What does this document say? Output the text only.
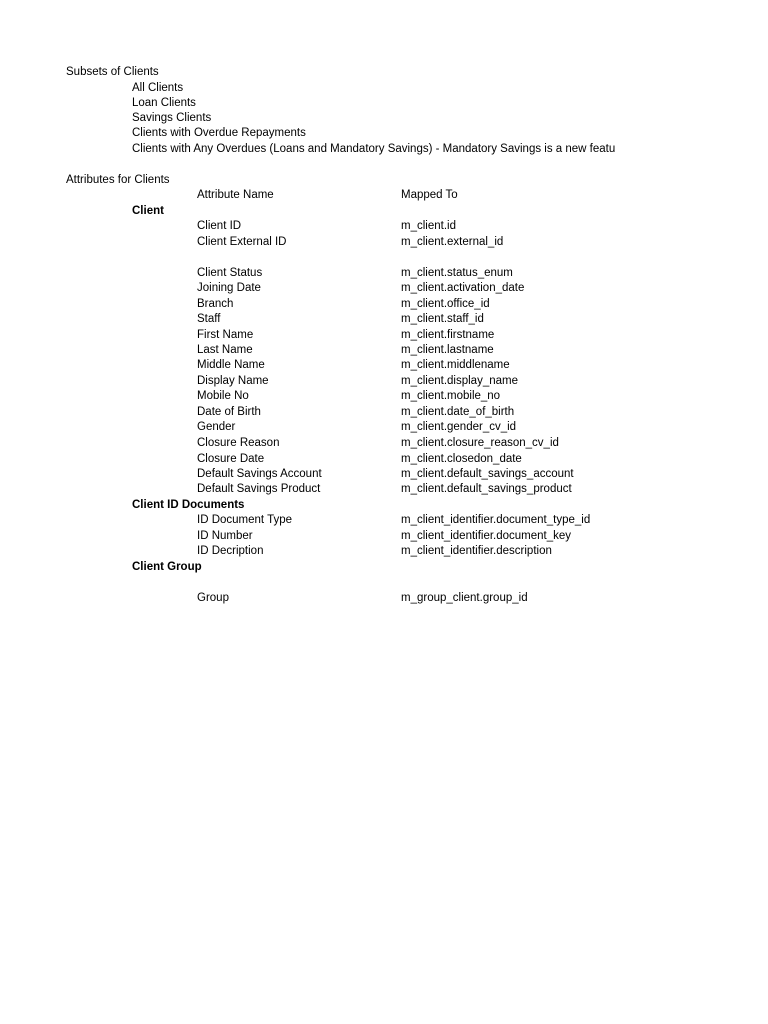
Subsets of Clients
All Clients
Loan Clients
Savings Clients
Clients with Overdue Repayments
Clients with Any Overdues (Loans and Mandatory Savings) - Mandatory Savings is a new featu
Attributes for Clients
Attribute Name	Mapped To
Client
Client ID	m_client.id
Client External ID	m_client.external_id
Client Status	m_client.status_enum
Joining Date	m_client.activation_date
Branch	m_client.office_id
Staff	m_client.staff_id
First Name	m_client.firstname
Last Name	m_client.lastname
Middle Name	m_client.middlename
Display Name	m_client.display_name
Mobile No	m_client.mobile_no
Date of Birth	m_client.date_of_birth
Gender	m_client.gender_cv_id
Closure Reason	m_client.closure_reason_cv_id
Closure Date	m_client.closedon_date
Default Savings Account	m_client.default_savings_account
Default Savings Product	m_client.default_savings_product
Client ID Documents
ID Document Type	m_client_identifier.document_type_id
ID Number	m_client_identifier.document_key
ID Decription	m_client_identifier.description
Client Group
Group	m_group_client.group_id
